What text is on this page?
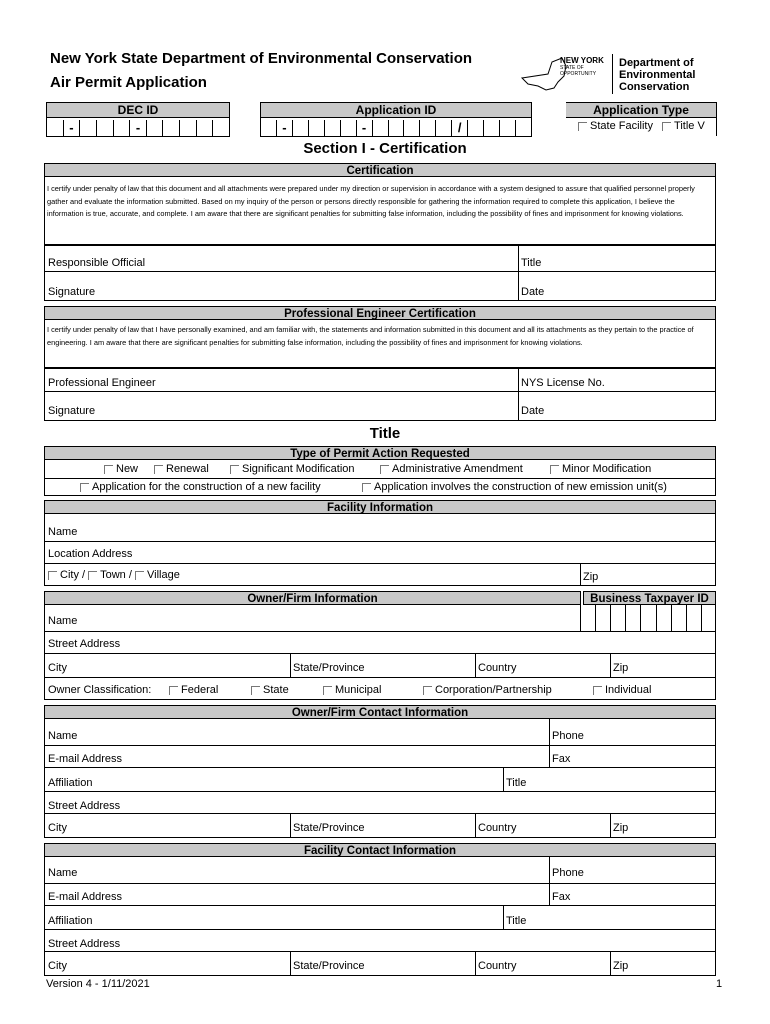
New York State Department of Environmental Conservation
Air Permit Application
NEW YORK
STATE OF
OPPORTUNITY
Department of
Environmental
Conservation
DEC ID
-	-
Application ID
-	-	/
Application Type
State Facility Title V
Section I - Certification
Certification
I certify under penalty of law that this document and all attachments were prepared under my direction or supervision in accordance with a system designed to assure that qualified personnel properly gather and evaluate the information submitted. Based on my inquiry of the person or persons directly responsible for gathering the information required to complete this application, I believe the information is true, accurate, and complete. I am aware that there are significant penalties for submitting false information, including the possibility of fines and imprisonment for knowing violations.
Responsible Official	Title
Signature	Date
Professional Engineer Certification
I certify under penalty of law that I have personally examined, and am familiar with, the statements and information submitted in this document and all its attachments as they pertain to the practice of engineering. I am aware that there are significant penalties for submitting false information, including the possibility of fines and imprisonment for knowing violations.
Professional Engineer	NYS License No.
Signature	Date
Title
Type of Permit Action Requested
New	Renewal	Significant Modification	Administrative Amendment	Minor Modification
Application for the construction of a new facility	Application involves the construction of new emission unit(s)
Facility Information
Name
Location Address
City / Town / Village	Zip
Owner/Firm Information	Business Taxpayer ID
Name
Street Address
City	State/Province	Country	Zip
Owner Classification:	Federal	State	Municipal	Corporation/Partnership	Individual
Owner/Firm Contact Information
Name	Phone
E-mail Address	Fax
Affiliation	Title
Street Address
City	State/Province	Country	Zip
Facility Contact Information
Name	Phone
E-mail Address	Fax
Affiliation	Title
Street Address
City	State/Province	Country	Zip
Version 4 - 1/11/2021	1
